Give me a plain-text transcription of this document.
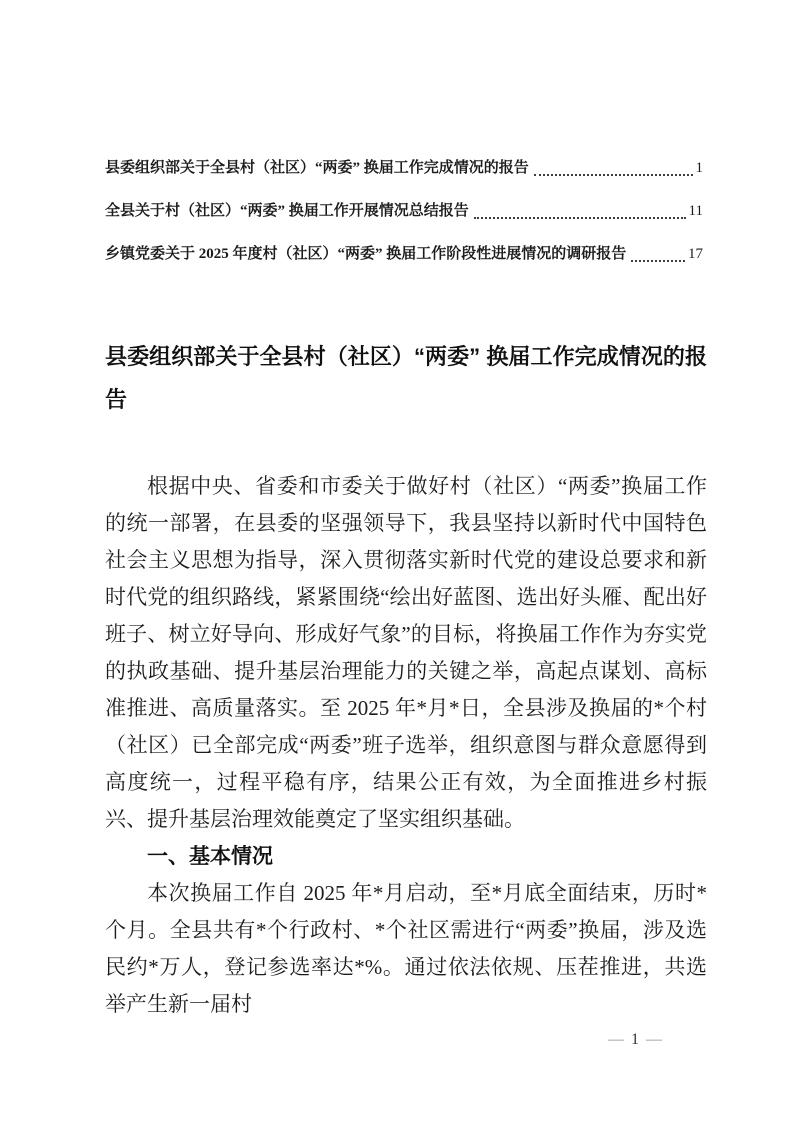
县委组织部关于全县村（社区）“两委” 换届工作完成情况的报告	1
全县关于村（社区）“两委” 换届工作开展情况总结报告	11
乡镇党委关于 2025 年度村（社区）“两委” 换届工作阶段性进展情况的调研报告	17
县委组织部关于全县村（社区）“两委” 换届工作完成情况的报告

根据中央、省委和市委关于做好村（社区）“两委”换届工作的统一部署，在县委的坚强领导下，我县坚持以新时代中国特色社会主义思想为指导，深入贯彻落实新时代党的建设总要求和新时代党的组织路线，紧紧围绕“绘出好蓝图、选出好头雁、配出好班子、树立好导向、形成好气象”的目标，将换届工作作为夯实党的执政基础、提升基层治理能力的关键之举，高起点谋划、高标准推进、高质量落实。至 2025 年*月*日，全县涉及换届的*个村（社区）已全部完成“两委”班子选举，组织意图与群众意愿得到高度统一，过程平稳有序，结果公正有效，为全面推进乡村振兴、提升基层治理效能奠定了坚实组织基础。

一、基本情况

本次换届工作自 2025 年*月启动，至*月底全面结束，历时*个月。全县共有*个行政村、*个社区需进行“两委”换届，涉及选民约*万人，登记参选率达*%。通过依法依规、压茬推进，共选举产生新一届村

— 1 —
